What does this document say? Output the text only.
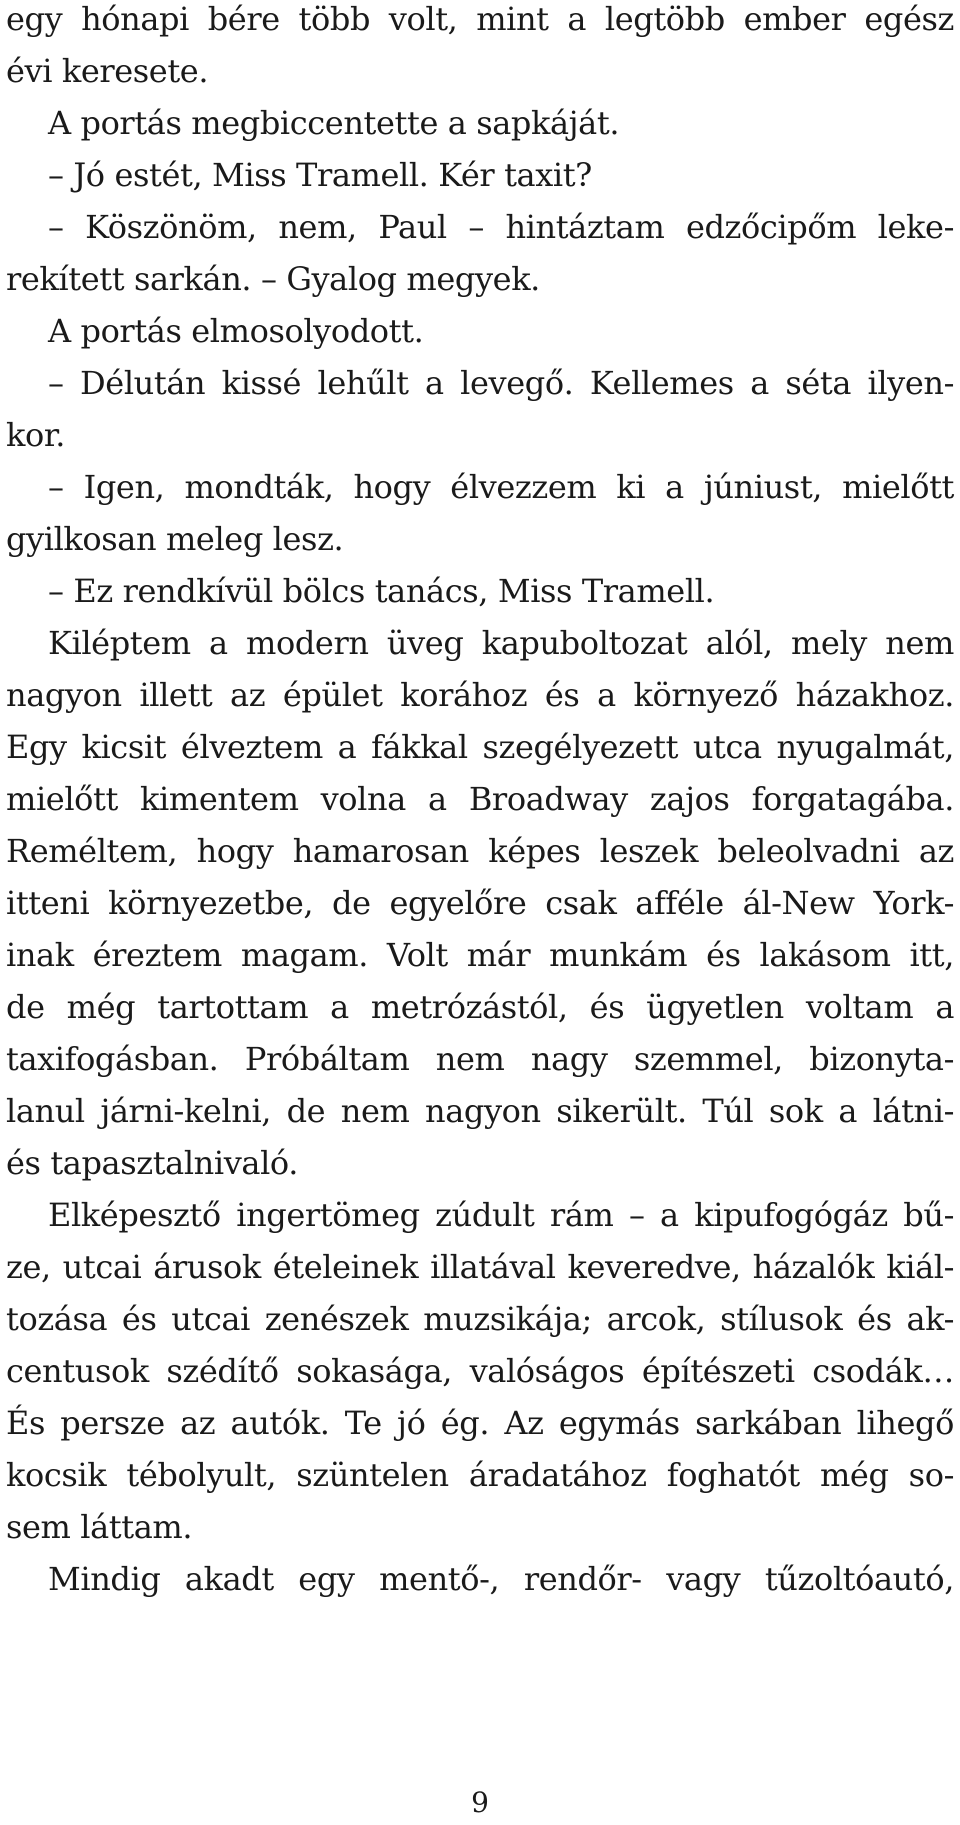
egy hónapi bére több volt, mint a legtöbb ember egész
évi keresete.
A portás megbiccentette a sapkáját.
– Jó estét, Miss Tramell. Kér taxit?
– Köszönöm, nem, Paul – hintáztam edzőcipőm leke-
rekített sarkán. – Gyalog megyek.
A portás elmosolyodott.
– Délután kissé lehűlt a levegő. Kellemes a séta ilyen-
kor.
– Igen, mondták, hogy élvezzem ki a júniust, mielőtt
gyilkosan meleg lesz.
– Ez rendkívül bölcs tanács, Miss Tramell.
Kiléptem a modern üveg kapuboltozat alól, mely nem
nagyon illett az épület korához és a környező házakhoz.
Egy kicsit élveztem a fákkal szegélyezett utca nyugalmát,
mielőtt kimentem volna a Broadway zajos forgatagába.
Reméltem, hogy hamarosan képes leszek beleolvadni az
itteni környezetbe, de egyelőre csak afféle ál-New York-
inak éreztem magam. Volt már munkám és lakásom itt,
de még tartottam a metrózástól, és ügyetlen voltam a
taxifogásban. Próbáltam nem nagy szemmel, bizonyta-
lanul járni-kelni, de nem nagyon sikerült. Túl sok a látni-
és tapasztalnivaló.
Elképesztő ingertömeg zúdult rám – a kipufogógáz bű-
ze, utcai árusok ételeinek illatával keveredve, házalók kiál-
tozása és utcai zenészek muzsikája; arcok, stílusok és ak-
centusok szédítő sokasága, valóságos építészeti csodák…
És persze az autók. Te jó ég. Az egymás sarkában lihegő
kocsik tébolyult, szüntelen áradatához foghatót még so-
sem láttam.
Mindig akadt egy mentő-, rendőr- vagy tűzoltóautó,
9
